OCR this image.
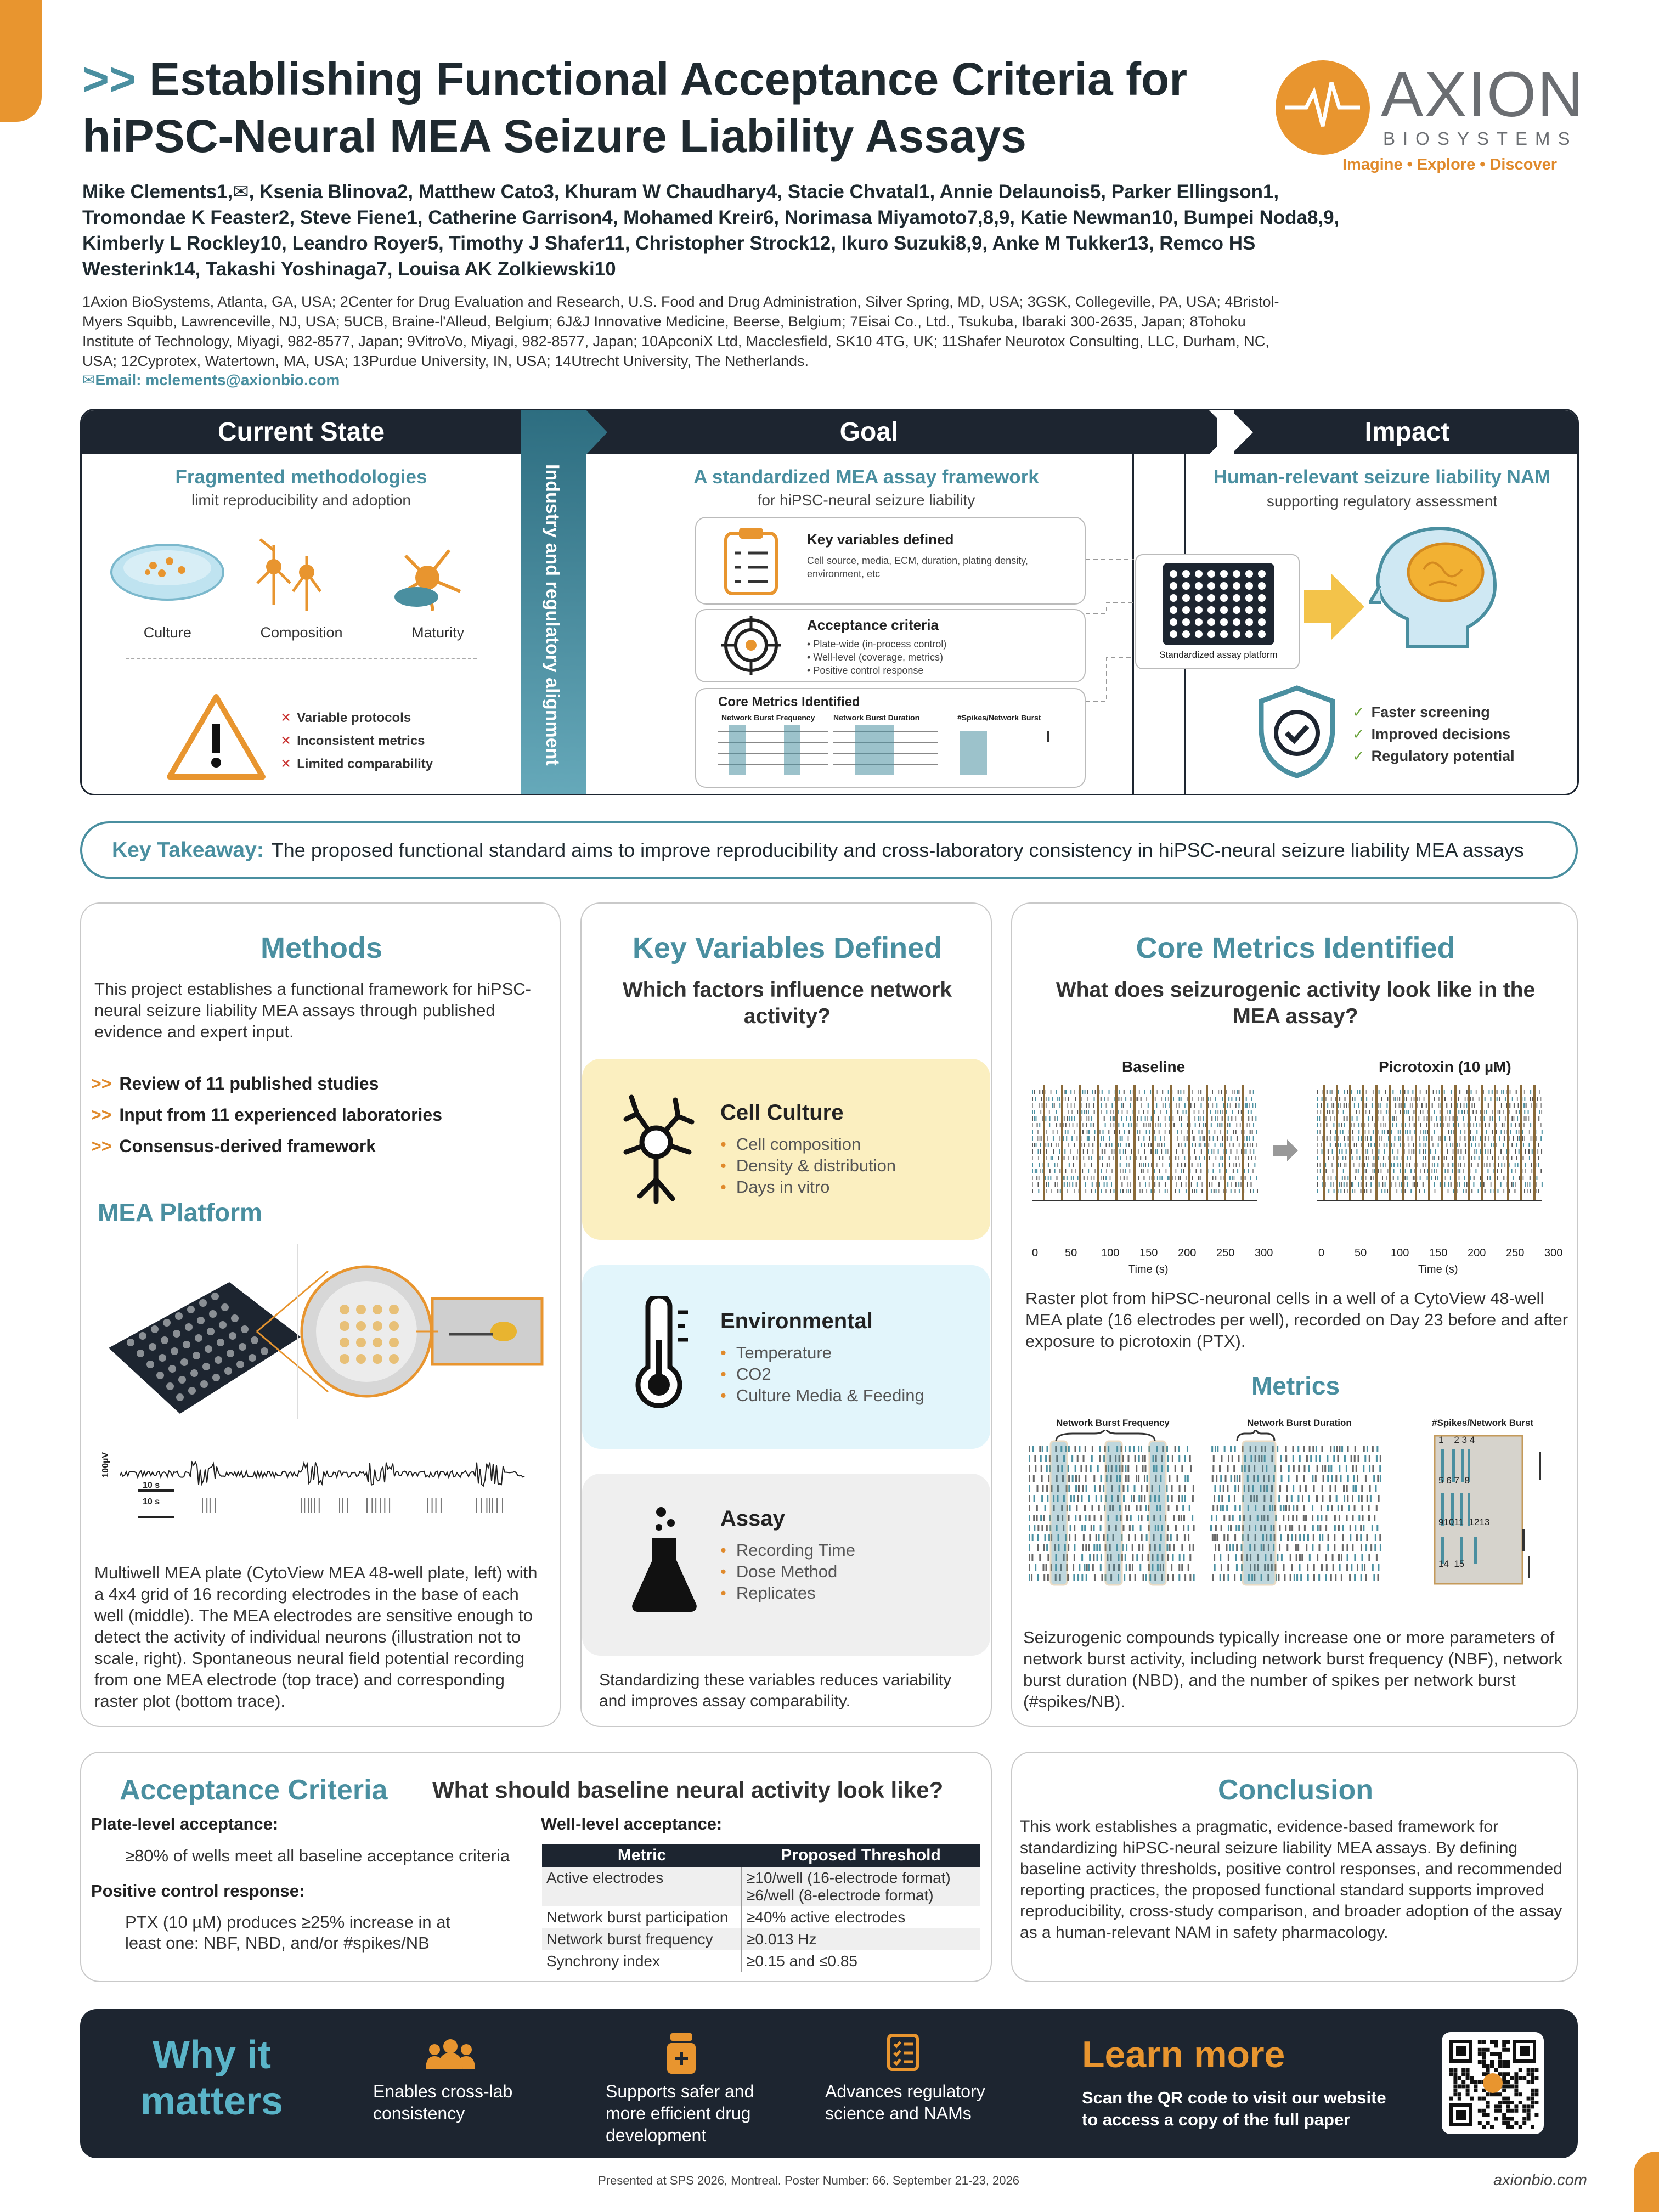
>> Establishing Functional Acceptance Criteria for hiPSC-Neural MEA Seizure Liability Assays
AXION
BIOSYSTEMS
Imagine • Explore • Discover
Mike Clements1,✉, Ksenia Blinova2, Matthew Cato3, Khuram W Chaudhary4, Stacie Chvatal1, Annie Delaunois5, Parker Ellingson1, Tromondae K Feaster2, Steve Fiene1, Catherine Garrison4, Mohamed Kreir6, Norimasa Miyamoto7,8,9, Katie Newman10, Bumpei Noda8,9, Kimberly L Rockley10, Leandro Royer5, Timothy J Shafer11, Christopher Strock12, Ikuro Suzuki8,9, Anke M Tukker13, Remco HS Westerink14, Takashi Yoshinaga7, Louisa AK Zolkiewski10
1Axion BioSystems, Atlanta, GA, USA; 2Center for Drug Evaluation and Research, U.S. Food and Drug Administration, Silver Spring, MD, USA; 3GSK, Collegeville, PA, USA; 4Bristol-Myers Squibb, Lawrenceville, NJ, USA; 5UCB, Braine-l'Alleud, Belgium; 6J&J Innovative Medicine, Beerse, Belgium; 7Eisai Co., Ltd., Tsukuba, Ibaraki 300-2635, Japan; 8Tohoku Institute of Technology, Miyagi, 982-8577, Japan; 9VitroVo, Miyagi, 982-8577, Japan; 10ApconiX Ltd, Macclesfield, SK10 4TG, UK; 11Shafer Neurotox Consulting, LLC, Durham, NC, USA; 12Cyprotex, Watertown, MA, USA; 13Purdue University, IN, USA; 14Utrecht University, The Netherlands.
✉Email: mclements@axionbio.com
Current State	Goal	Impact
Fragmented methodologies
limit reproducibility and adoption
Culture	Composition	Maturity
✕ Variable protocols
✕ Inconsistent metrics
✕ Limited comparability	Industry and regulatory alignment	A standardized MEA assay framework
for hiPSC-neural seizure liability
Key variables defined
Cell source, media, ECM, duration, plating density, environment, etc
Acceptance criteria
• Plate-wide (in-process control)
• Well-level (coverage, metrics)
• Positive control response
Core Metrics Identified
Network Burst Frequency Network Burst Duration	#Spikes/Network Burst
Standardized assay platform
Human-relevant seizure liability NAM
supporting regulatory assessment
✓ Faster screening
✓ Improved decisions
✓ Regulatory potential
Key Takeaway: The proposed functional standard aims to improve reproducibility and cross-laboratory consistency in hiPSC-neural seizure liability MEA assays
Methods
This project establishes a functional framework for hiPSC-neural seizure liability MEA assays through published evidence and expert input.
>> Review of 11 published studies
>> Input from 11 experienced laboratories
>> Consensus-derived framework
MEA Platform
100µV
10 s
10 s
Multiwell MEA plate (CytoView MEA 48-well plate, left) with a 4x4 grid of 16 recording electrodes in the base of each well (middle). The MEA electrodes are sensitive enough to detect the activity of individual neurons (illustration not to scale, right). Spontaneous neural field potential recording from one MEA electrode (top trace) and corresponding raster plot (bottom trace).
Key Variables Defined
Which factors influence network activity?
Cell Culture
• Cell composition
• Density & distribution
• Days in vitro
Environmental
• Temperature
• CO2
• Culture Media & Feeding
Assay
• Recording Time
• Dose Method
• Replicates
Standardizing these variables reduces variability and improves assay comparability.
Core Metrics Identified
What does seizurogenic activity look like in the MEA assay?
Baseline	Picrotoxin (10 µM)
0 50 100 150 200 250 300	0	50 100 150 200 250 300
Time (s)	Time (s)
Raster plot from hiPSC-neuronal cells in a well of a CytoView 48-well MEA plate (16 electrodes per well), recorded on Day 23 before and after exposure to picrotoxin (PTX).
Metrics
Network Burst Frequency	Network Burst Duration	#Spikes/Network Burst
1 2 3 4
5 6 7 8
91011 1213
14 15
Seizurogenic compounds typically increase one or more parameters of network burst activity, including network burst frequency (NBF), network burst duration (NBD), and the number of spikes per network burst (#spikes/NB).
Acceptance Criteria What should baseline neural activity look like?
Plate-level acceptance:
≥80% of wells meet all baseline acceptance criteria
Positive control response:
PTX (10 µM) produces ≥25% increase in at least one: NBF, NBD, and/or #spikes/NB
Well-level acceptance:
Metric	Proposed Threshold
Active electrodes	≥10/well (16-electrode format)
≥6/well (8-electrode format)

Network burst participation	≥40% active electrodes
Network burst frequency	≥0.013 Hz
Synchrony index	≥0.15 and ≤0.85
Conclusion
This work establishes a pragmatic, evidence-based framework for standardizing hiPSC-neural seizure liability MEA assays. By defining baseline activity thresholds, positive control responses, and recommended reporting practices, the proposed functional standard supports improved reproducibility, cross-study comparison, and broader adoption of the assay as a human-relevant NAM in safety pharmacology.
Why it matters	Enables cross-lab consistency
Supports safer and more efficient drug development
Advances regulatory science and NAMs
Learn more
Scan the QR code to visit our website to access a copy of the full paper
Presented at SPS 2026, Montreal. Poster Number: 66. September 21-23, 2026	axionbio.com
